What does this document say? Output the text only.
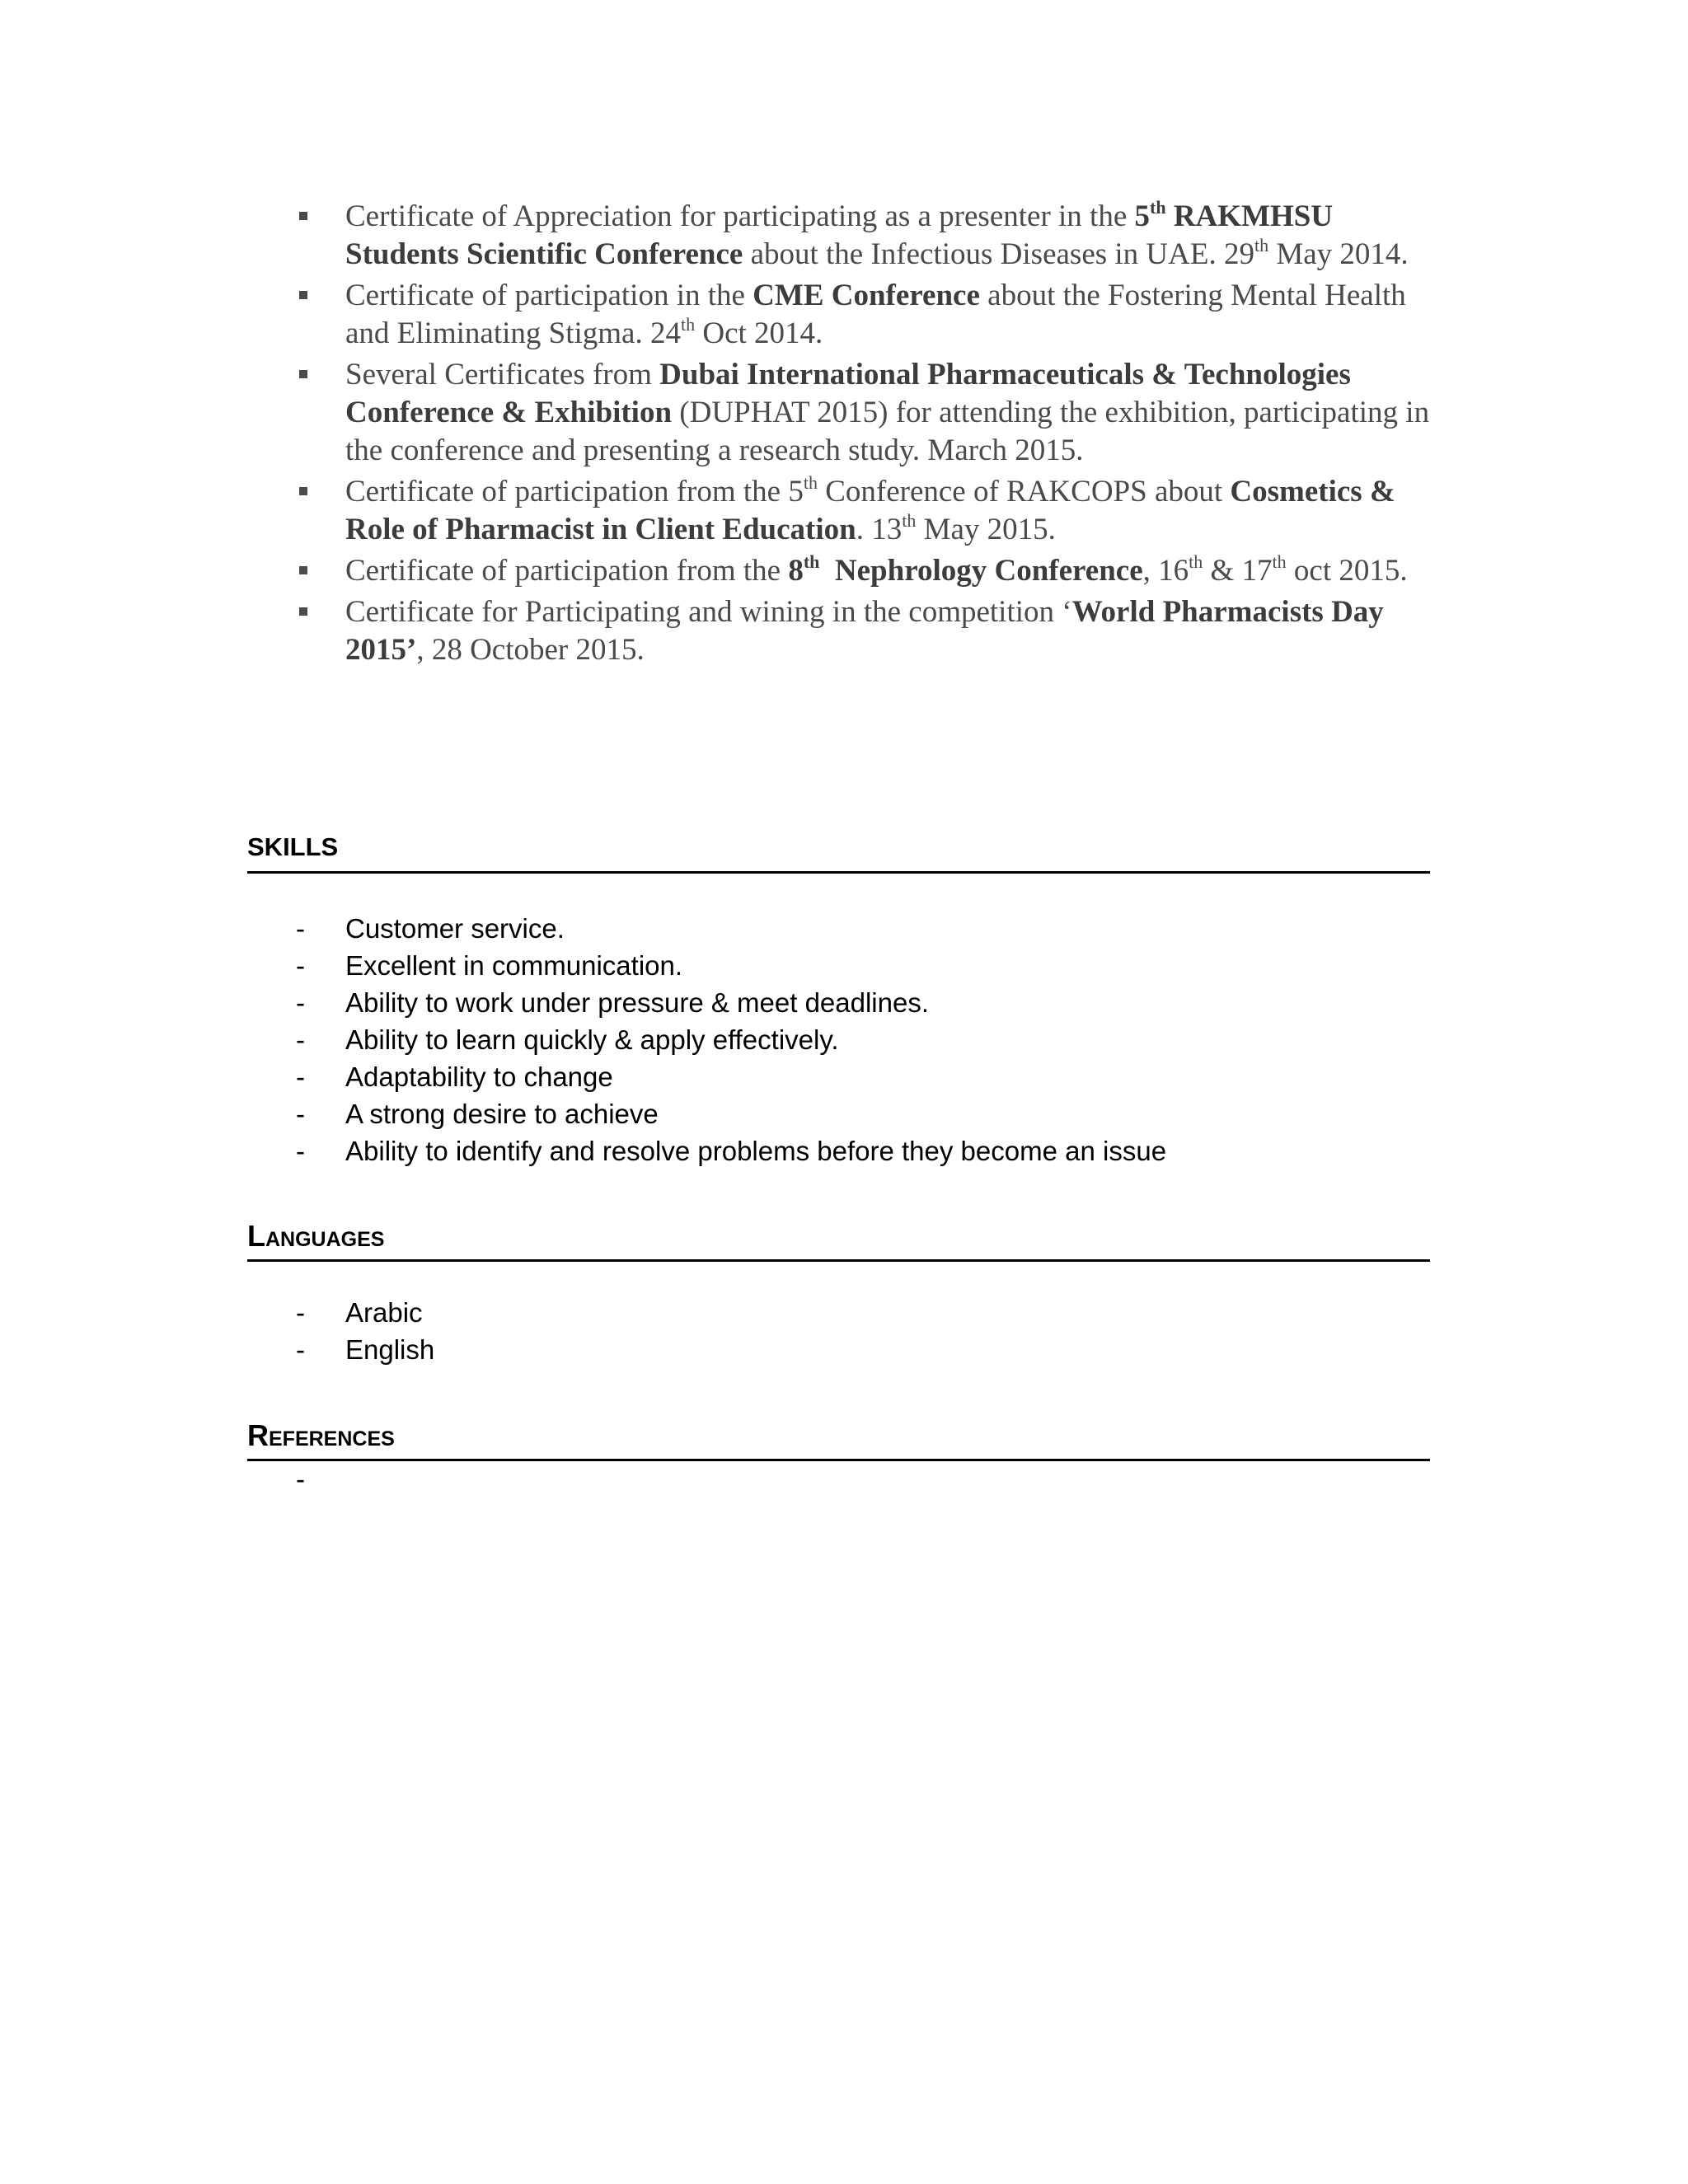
Certificate of Appreciation for participating as a presenter in the 5th RAKMHSU Students Scientific Conference about the Infectious Diseases in UAE. 29th May 2014.
Certificate of participation in the CME Conference about the Fostering Mental Health and Eliminating Stigma. 24th Oct 2014.
Several Certificates from Dubai International Pharmaceuticals & Technologies Conference & Exhibition (DUPHAT 2015) for attending the exhibition, participating in the conference and presenting a research study. March 2015.
Certificate of participation from the 5th Conference of RAKCOPS about Cosmetics & Role of Pharmacist in Client Education. 13th May 2015.
Certificate of participation from the 8th  Nephrology Conference, 16th & 17th oct 2015.
Certificate for Participating and wining in the competition ‘World Pharmacists Day 2015’, 28 October 2015.
SKILLS
- Customer service.
- Excellent in communication.
- Ability to work under pressure & meet deadlines.
- Ability to learn quickly & apply effectively.
- Adaptability to change
- A strong desire to achieve
- Ability to identify and resolve problems before they become an issue
Languages
- Arabic
- English
References
-
